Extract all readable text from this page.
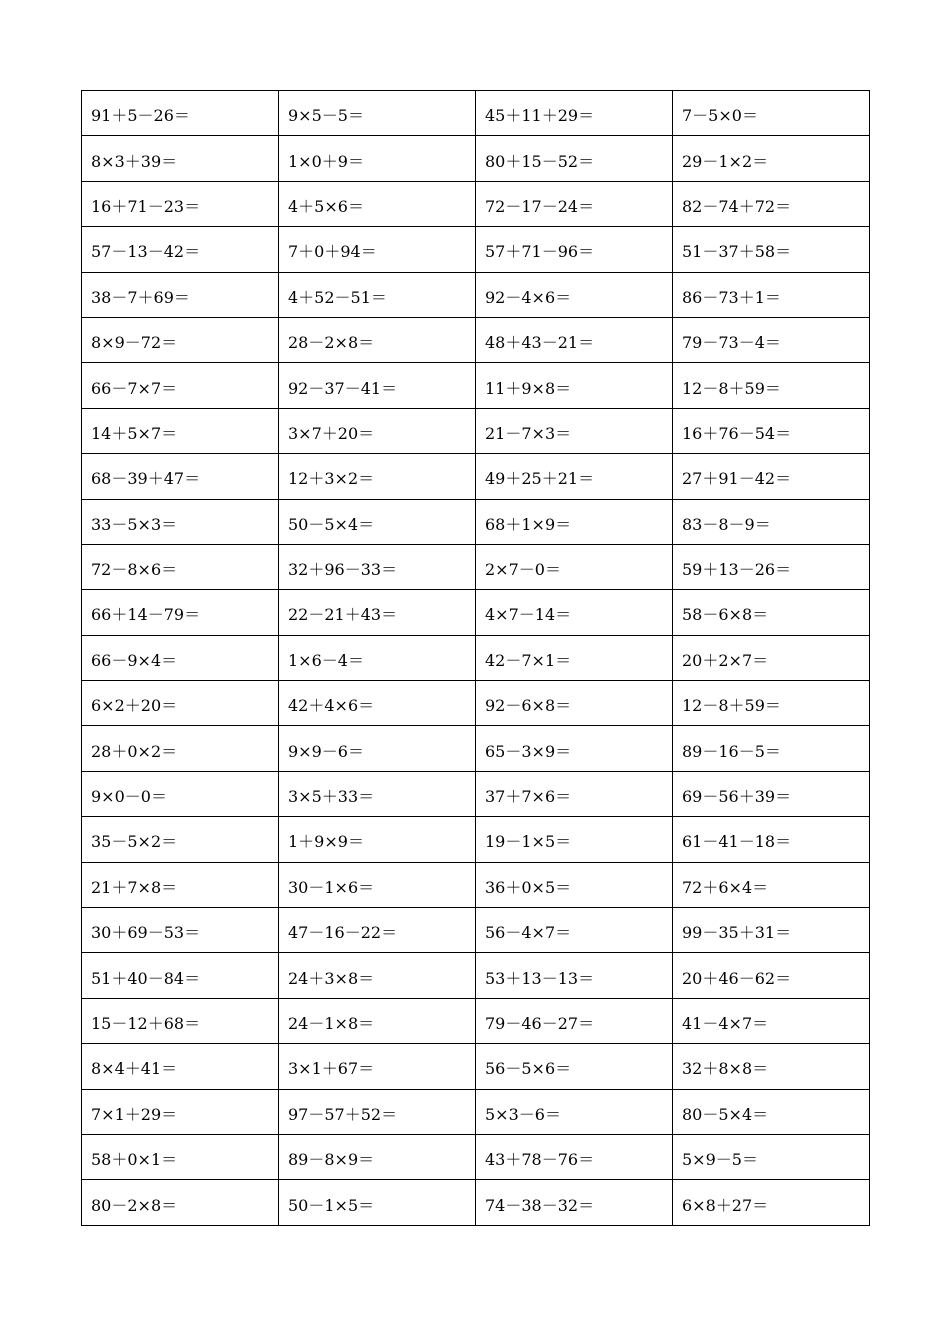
91＋5－26＝	9×5－5＝	45＋11＋29＝	7－5×0＝
8×3＋39＝	1×0＋9＝	80＋15－52＝	29－1×2＝
16＋71－23＝	4＋5×6＝	72－17－24＝	82－74＋72＝
57－13－42＝	7＋0＋94＝	57＋71－96＝	51－37＋58＝
38－7＋69＝	4＋52－51＝	92－4×6＝	86－73＋1＝
8×9－72＝	28－2×8＝	48＋43－21＝	79－73－4＝
66－7×7＝	92－37－41＝	11＋9×8＝	12－8＋59＝
14＋5×7＝	3×7＋20＝	21－7×3＝	16＋76－54＝
68－39＋47＝	12＋3×2＝	49＋25＋21＝	27＋91－42＝
33－5×3＝	50－5×4＝	68＋1×9＝	83－8－9＝
72－8×6＝	32＋96－33＝	2×7－0＝	59＋13－26＝
66＋14－79＝	22－21＋43＝	4×7－14＝	58－6×8＝
66－9×4＝	1×6－4＝	42－7×1＝	20＋2×7＝
6×2＋20＝	42＋4×6＝	92－6×8＝	12－8＋59＝
28＋0×2＝	9×9－6＝	65－3×9＝	89－16－5＝
9×0－0＝	3×5＋33＝	37＋7×6＝	69－56＋39＝
35－5×2＝	1＋9×9＝	19－1×5＝	61－41－18＝
21＋7×8＝	30－1×6＝	36＋0×5＝	72＋6×4＝
30＋69－53＝	47－16－22＝	56－4×7＝	99－35＋31＝
51＋40－84＝	24＋3×8＝	53＋13－13＝	20＋46－62＝
15－12＋68＝	24－1×8＝	79－46－27＝	41－4×7＝
8×4＋41＝	3×1＋67＝	56－5×6＝	32＋8×8＝
7×1＋29＝	97－57＋52＝	5×3－6＝	80－5×4＝
58＋0×1＝	89－8×9＝	43＋78－76＝	5×9－5＝
80－2×8＝	50－1×5＝	74－38－32＝	6×8＋27＝
